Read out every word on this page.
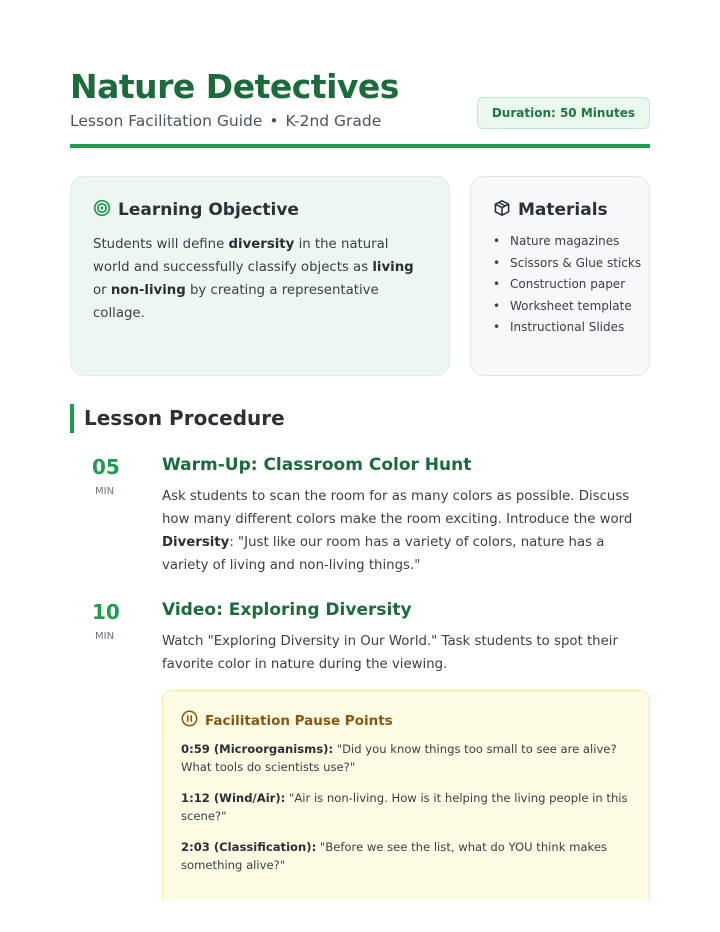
Nature Detectives
Lesson Facilitation Guide • K-2nd Grade	Duration: 50 Minutes
Learning Objective
Students will define diversity in the natural world and successfully classify objects as living or non-living by creating a representative collage.
Materials
• Nature magazines
• Scissors & Glue sticks
• Construction paper
• Worksheet template
• Instructional Slides
Lesson Procedure
05
MIN
Warm-Up: Classroom Color Hunt
Ask students to scan the room for as many colors as possible. Discuss how many different colors make the room exciting. Introduce the word Diversity: "Just like our room has a variety of colors, nature has a variety of living and non-living things."
10
MIN
Video: Exploring Diversity
Watch "Exploring Diversity in Our World." Task students to spot their favorite color in nature during the viewing.
Facilitation Pause Points
0:59 (Microorganisms): "Did you know things too small to see are alive? What tools do scientists use?"
1:12 (Wind/Air): "Air is non-living. How is it helping the living people in this scene?"
2:03 (Classification): "Before we see the list, what do YOU think makes something alive?"
